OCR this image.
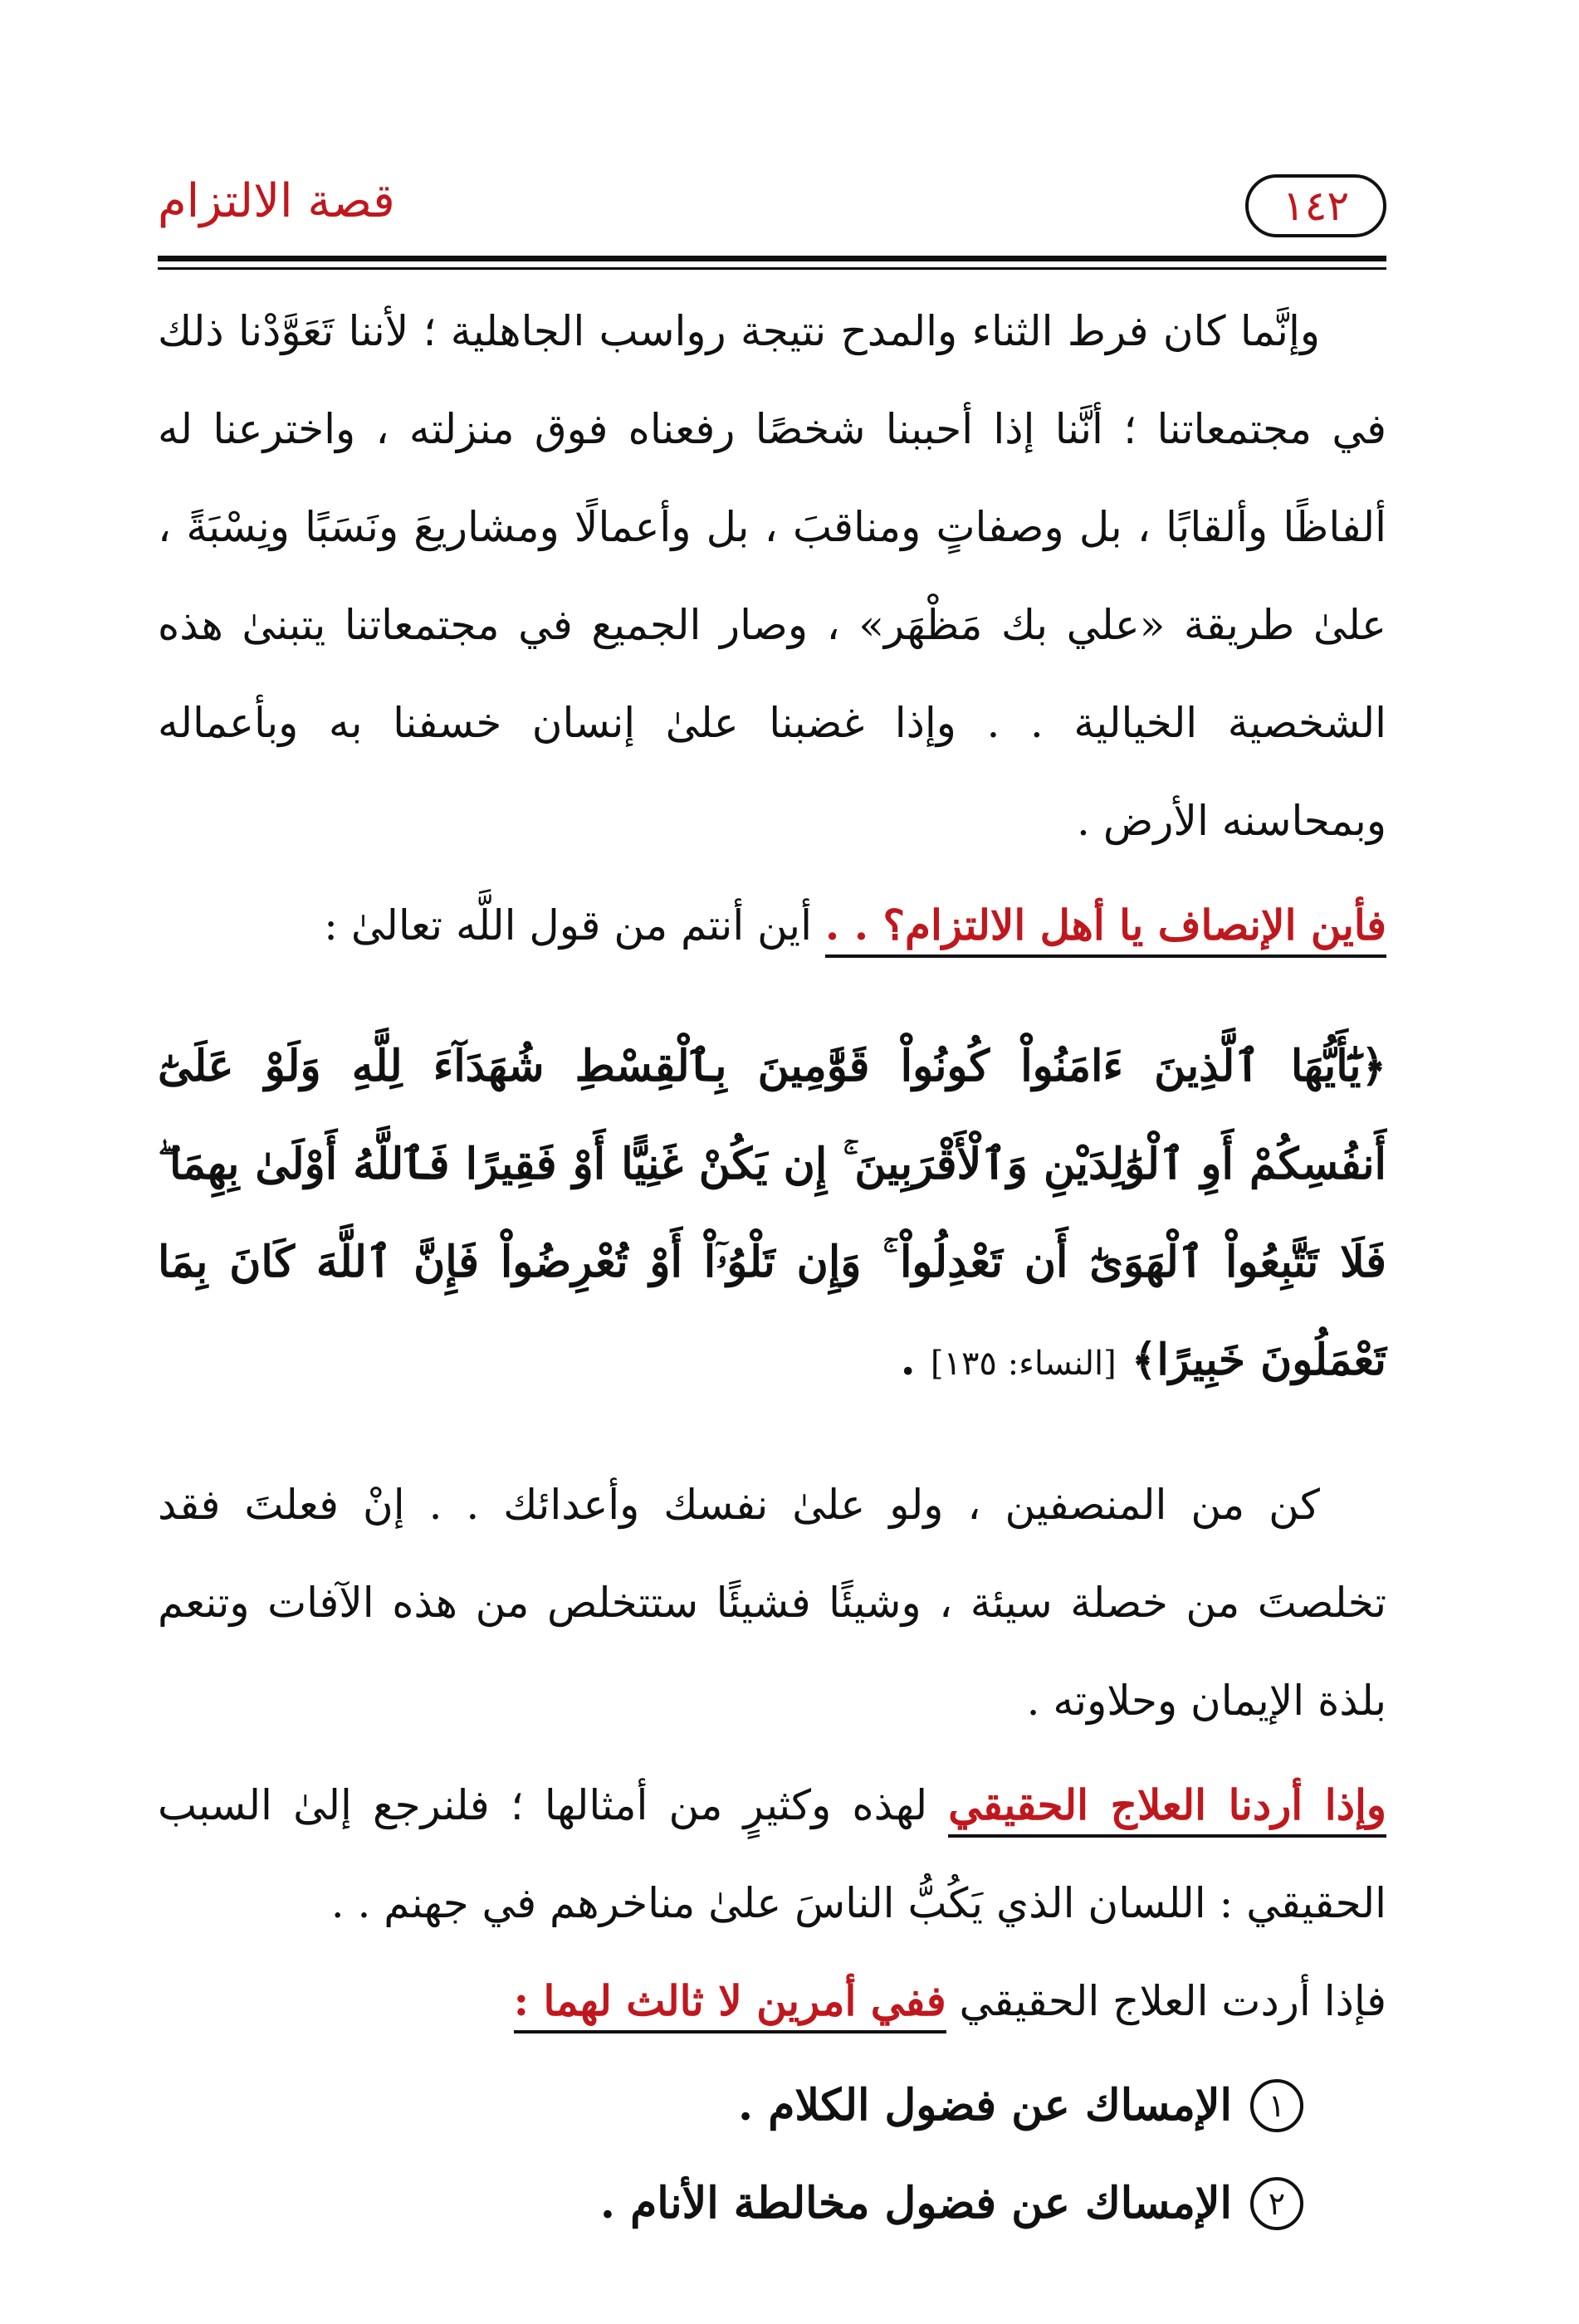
قصة الالتزام	١٤٢

وإنَّما كان فرط الثناء والمدح نتيجة رواسب الجاهلية ؛ لأننا تَعَوَّدْنا ذلك في مجتمعاتنا ؛ أنَّنا إذا أحببنا شخصًا رفعناه فوق منزلته ، واخترعنا له ألفاظًا وألقابًا ، بل وصفاتٍ ومناقبَ ، بل وأعمالًا ومشاريعَ ونَسَبًا ونِسْبَةً ، علىٰ طريقة «علي بك مَظْهَر» ، وصار الجميع في مجتمعاتنا يتبنىٰ هذه الشخصية الخيالية . . وإذا غضبنا علىٰ إنسان خسفنا به وبأعماله وبمحاسنه الأرض .

فأين الإنصاف يا أهل الالتزام؟ . . أين أنتم من قول اللَّه تعالىٰ :

﴿يَٰٓأَيُّهَا ٱلَّذِينَ ءَامَنُواْ كُونُواْ قَوَّٰمِينَ بِٱلْقِسْطِ شُهَدَآءَ لِلَّهِ وَلَوْ عَلَىٰٓ أَنفُسِكُمْ أَوِ ٱلْوَٰلِدَيْنِ وَٱلْأَقْرَبِينَ ۚ إِن يَكُنْ غَنِيًّا أَوْ فَقِيرًا فَٱللَّهُ أَوْلَىٰ بِهِمَا ۖ فَلَا تَتَّبِعُواْ ٱلْهَوَىٰٓ أَن تَعْدِلُواْ ۚ وَإِن تَلْوُۥٓاْ أَوْ تُعْرِضُواْ فَإِنَّ ٱللَّهَ كَانَ بِمَا تَعْمَلُونَ خَبِيرًا﴾ [النساء: ١٣٥] .

كن من المنصفين ، ولو علىٰ نفسك وأعدائك . . إنْ فعلتَ فقد تخلصتَ من خصلة سيئة ، وشيئًا فشيئًا ستتخلص من هذه الآفات وتنعم بلذة الإيمان وحلاوته .

وإذا أردنا العلاج الحقيقي لهذه وكثيرٍ من أمثالها ؛ فلنرجع إلىٰ السبب الحقيقي : اللسان الذي يَكُبُّ الناسَ علىٰ مناخرهم في جهنم . .

فإذا أردت العلاج الحقيقي ففي أمرين لا ثالث لهما :

١
الإمساك عن فضول الكلام .
٢
الإمساك عن فضول مخالطة الأنام .
